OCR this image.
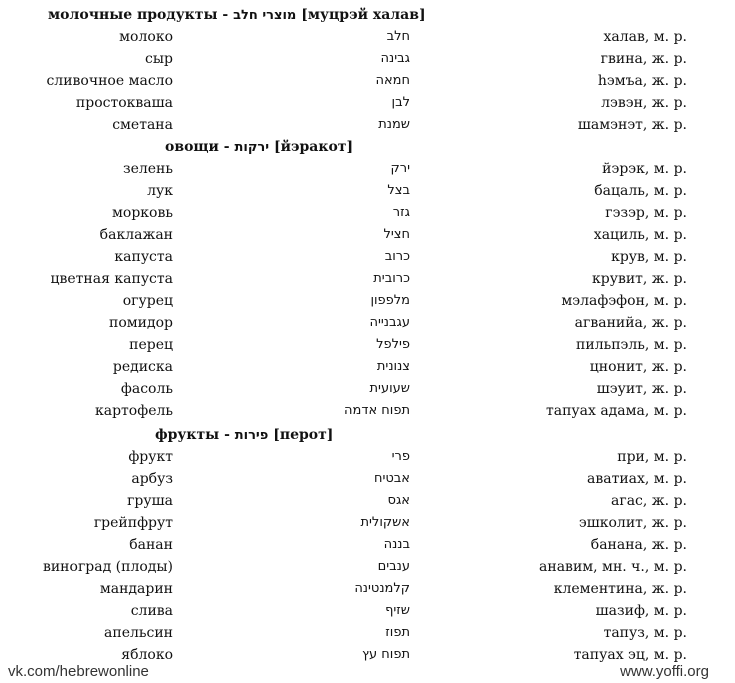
молочные продукты - מוצרי חלב [муцрэй халав]
молоко	חלב	халав, м. р.
сыр	גבינה	гвина, ж. р.
сливочное масло	חמאה	hэмъа, ж. р.
простокваша	לבן	лэвэн, ж. р.
сметана	שמנת	шамэнэт, ж. р.
овощи - ירקות [йэракот]
зелень	ירק	йэрэк, м. р.
лук	בצל	бацаль, м. р.
морковь	גזר	гэзэр, м. р.
баклажан	חציל	хациль, м. р.
капуста	כרוב	крув, м. р.
цветная капуста	כרובית	крувит, ж. р.
огурец	מלפפון	мэлафэфон, м. р.
помидор	עגבנייה	агванийа, ж. р.
перец	פילפל	пильпэль, м. р.
редиска	צנונית	цнонит, ж. р.
фасоль	שעועית	шэуит, ж. р.
картофель	תפוח אדמה	тапуах адама, м. р.
фрукты - פירות [перот]
фрукт	פרי	при, м. р.
арбуз	אבטיח	аватиах, м. р.
груша	אגס	агас, ж. р.
грейпфрут	אשקולית	эшколит, ж. р.
банан	בננה	банана, ж. р.
виноград (плоды)	ענבים	анавим, мн. ч., м. р.
мандарин	קלמנטינה	клементина, ж. р.
слива	שזיף	шазиф, м. р.
апельсин	תפוז	тапуз, м. р.
яблоко	תפוח עץ	тапуах эц, м. р.
vk.com/hebrewonline	www.yoffi.org
